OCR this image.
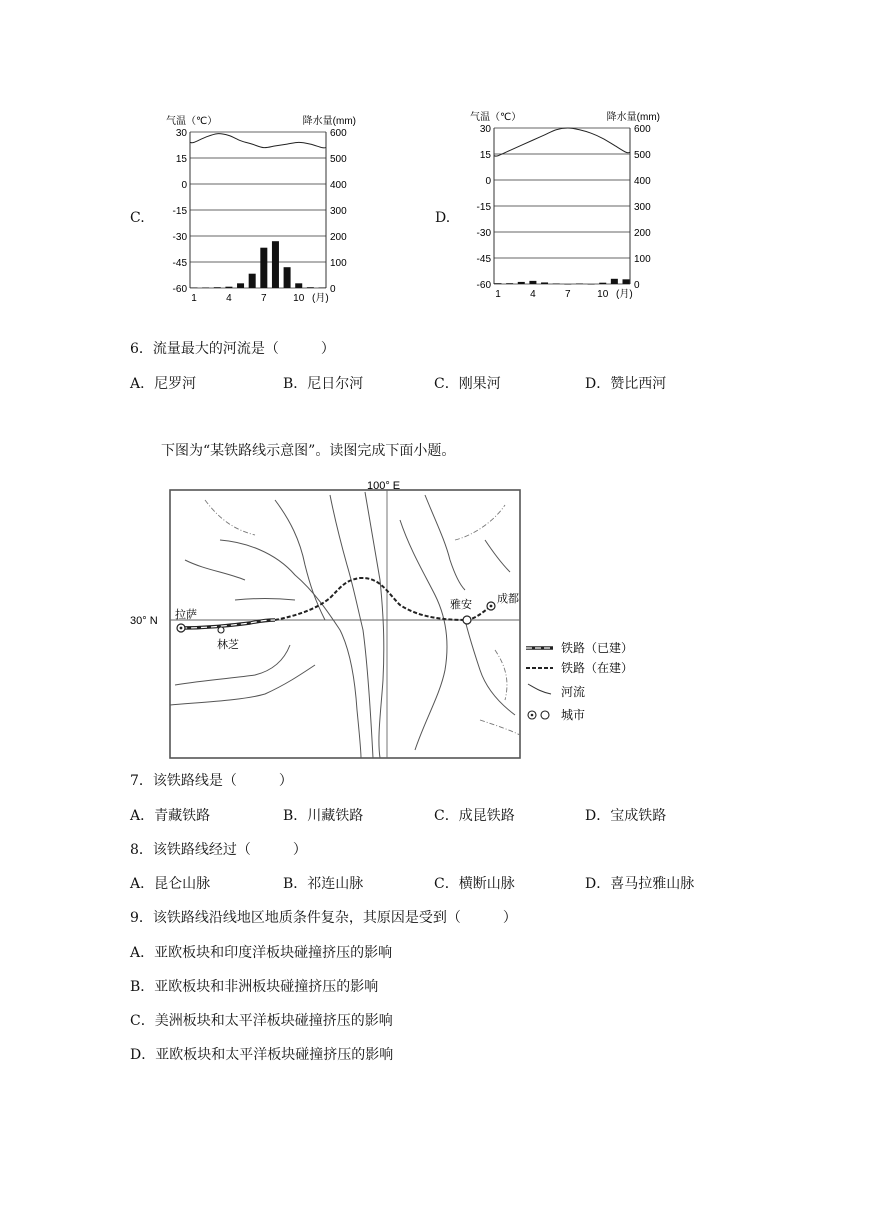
C.
气温（℃）	降水量(mm)
30
15
0
-15
-30
-45
-60
600
500
400
300
200
100
0
1	4	7	10 (月)
D.
气温（℃）	降水量(mm)
30
15
0
-15
-30
-45
-60
600
500
400
300
200
100
0
1	4	7	10 (月)
6．流量最大的河流是（　　　）
A．尼罗河	B．尼日尔河	C．刚果河	D．赞比西河
下图为“某铁路线示意图”。读图完成下面小题。
100° E
30° N 拉萨
林芝
雅安 成都
铁路（已建）
铁路（在建）
河流
城市
7．该铁路线是（　　　）
A．青藏铁路	B．川藏铁路	C．成昆铁路	D．宝成铁路
8．该铁路线经过（　　　）
A．昆仑山脉	B．祁连山脉	C．横断山脉	D．喜马拉雅山脉
9．该铁路线沿线地区地质条件复杂，其原因是受到（　　　）
A．亚欧板块和印度洋板块碰撞挤压的影响
B．亚欧板块和非洲板块碰撞挤压的影响
C．美洲板块和太平洋板块碰撞挤压的影响
D．亚欧板块和太平洋板块碰撞挤压的影响
